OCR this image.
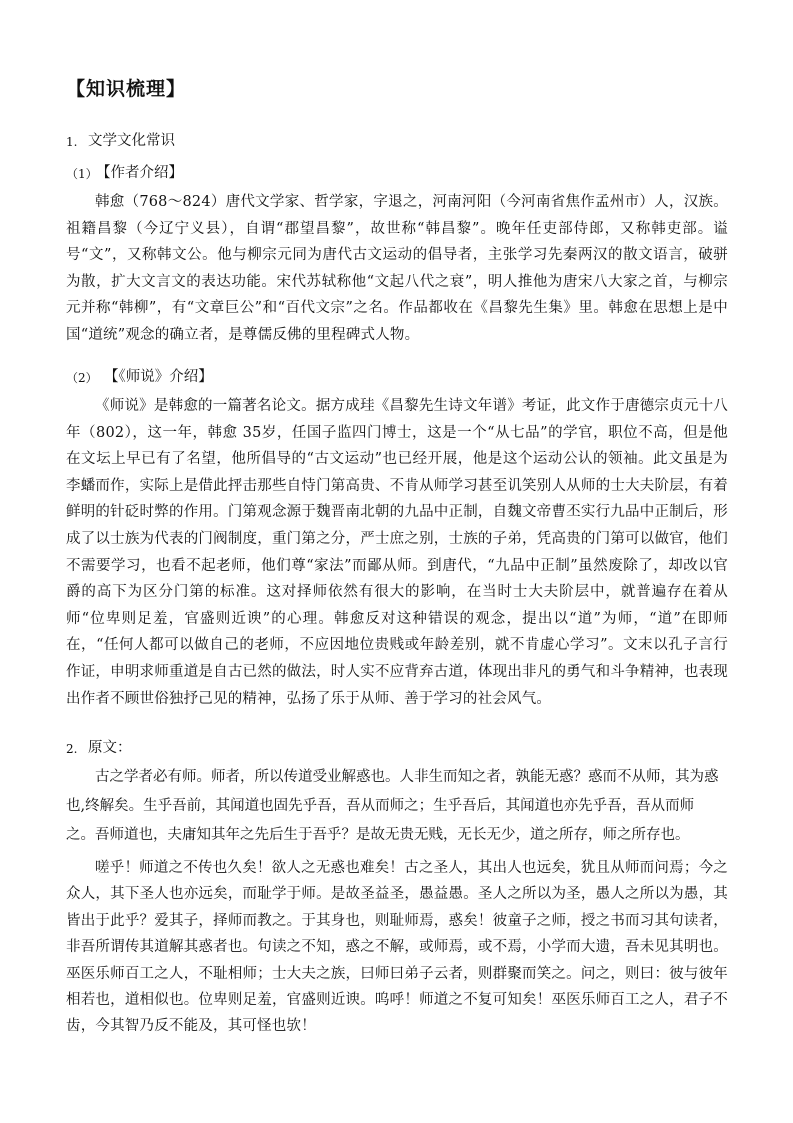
【知识梳理】
1. 文学文化常识
（1）
【作者介绍】

韩愈（768～824）唐代文学家、哲学家，字退之，河南河阳（今河南省焦作孟州市）人，汉族。祖籍昌黎（今辽宁义县），自谓“郡望昌黎”，故世称“韩昌黎”。晚年任吏部侍郎，又称韩吏部。谥号“文”，又称韩文公。他与柳宗元同为唐代古文运动的倡导者，主张学习先秦两汉的散文语言，破骈为散，扩大文言文的表达功能。宋代苏轼称他“文起八代之衰”，明人推他为唐宋八大家之首，与柳宗元并称“韩柳”，有“文章巨公”和“百代文宗”之名。作品都收在《昌黎先生集》里。韩愈在思想上是中国“道统”观念的确立者，是尊儒反佛的里程碑式人物。

（2） 【《师说》介绍】

《师说》是韩愈的一篇著名论文。据方成珪《昌黎先生诗文年谱》考证，此文作于唐德宗贞元十八年（802），这一年，韩愈 35岁，任国子监四门博士，这是一个“从七品”的学官，职位不高，但是他在文坛上早已有了名望，他所倡导的“古文运动”也已经开展，他是这个运动公认的领袖。此文虽是为李蟠而作，实际上是借此抨击那些自恃门第高贵、不肯从师学习甚至讥笑别人从师的士大夫阶层，有着鲜明的针砭时弊的作用。门第观念源于魏晋南北朝的九品中正制，自魏文帝曹丕实行九品中正制后，形成了以士族为代表的门阀制度，重门第之分，严士庶之别，士族的子弟，凭高贵的门第可以做官，他们不需要学习，也看不起老师，他们尊“家法”而鄙从师。到唐代，“九品中正制”虽然废除了，却改以官爵的高下为区分门第的标准。这对择师依然有很大的影响，在当时士大夫阶层中，就普遍存在着从师“位卑则足羞，官盛则近谀”的心理。韩愈反对这种错误的观念，提出以“道”为师，“道”在即师在，“任何人都可以做自己的老师，不应因地位贵贱或年龄差别，就不肯虚心学习”。文末以孔子言行作证，申明求师重道是自古已然的做法，时人实不应背弃古道，体现出非凡的勇气和斗争精神，也表现出作者不顾世俗独抒己见的精神，弘扬了乐于从师、善于学习的社会风气。

2. 原文：
古之学者必有师。师者，所以传道受业解惑也。人非生而知之者，孰能无惑？惑而不从师，其为惑
也,终解矣。生乎吾前，其闻道也固先乎吾，吾从而师之；生乎吾后，其闻道也亦先乎吾，吾从而师
之。吾师道也，夫庸知其年之先后生于吾乎？是故无贵无贱，无长无少，道之所存，师之所存也。

嗟乎！师道之不传也久矣！欲人之无惑也难矣！古之圣人，其出人也远矣，犹且从师而问焉；今之众人，其下圣人也亦远矣，而耻学于师。是故圣益圣，愚益愚。圣人之所以为圣，愚人之所以为愚，其皆出于此乎？爱其子，择师而教之。于其身也，则耻师焉，惑矣！彼童子之师，授之书而习其句读者，非吾所谓传其道解其惑者也。句读之不知，惑之不解，或师焉，或不焉，小学而大遗，吾未见其明也。巫医乐师百工之人，不耻相师；士大夫之族，曰师曰弟子云者，则群聚而笑之。问之，则曰：彼与彼年相若也，道相似也。位卑则足羞，官盛则近谀。呜呼！师道之不复可知矣！巫医乐师百工之人，君子不齿，今其智乃反不能及，其可怪也欤！
